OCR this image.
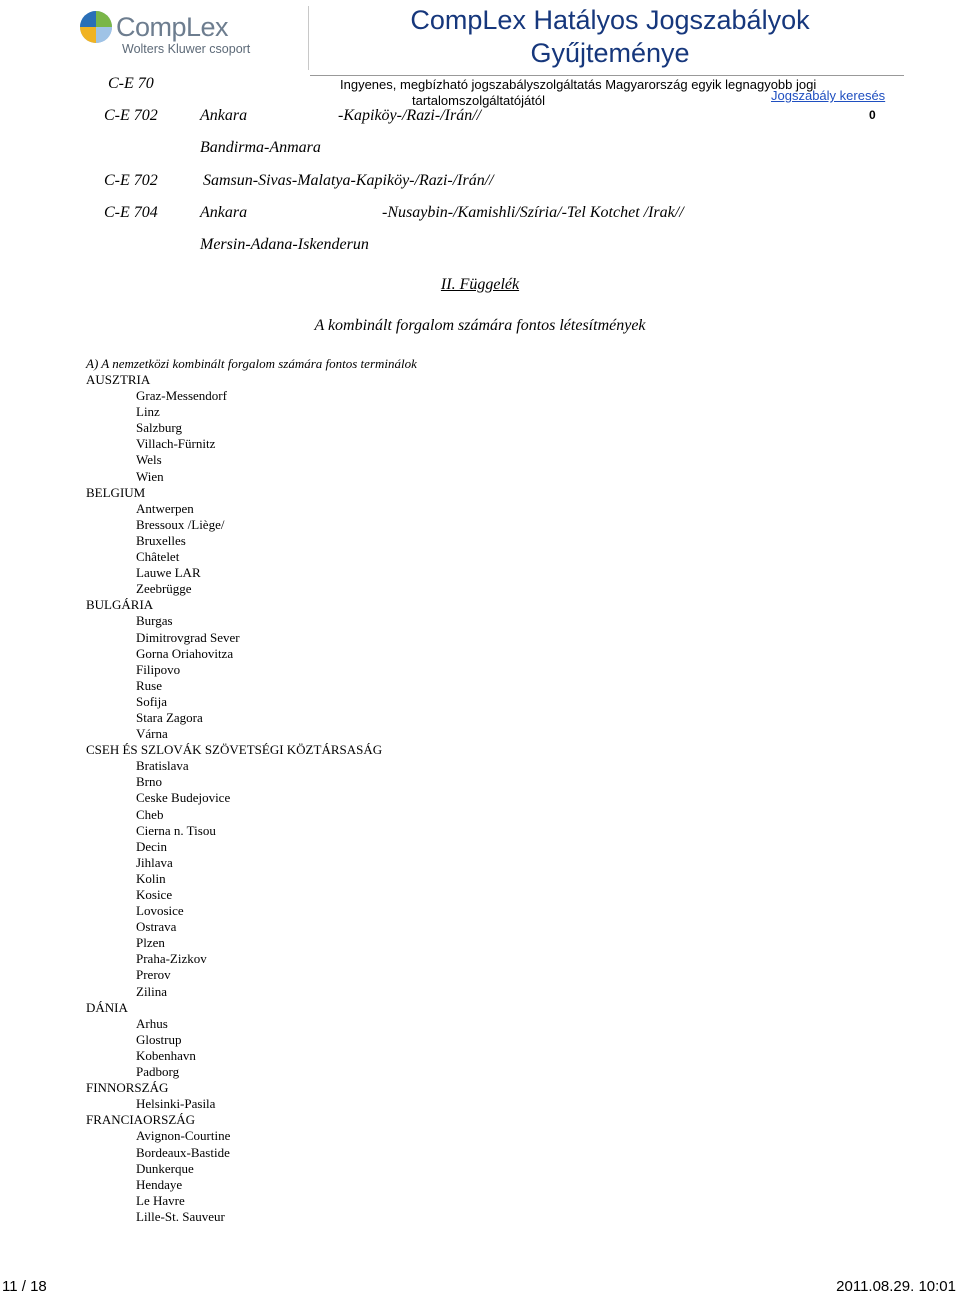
CompLex
Wolters Kluwer csoport
CompLex Hatályos Jogszabályok Gyűjteménye
Ingyenes, megbízható jogszabályszolgáltatás Magyarország egyik legnagyobb jogi
tartalomszolgáltatójától	Jogszabály keresés
0
C-E 70
C-E 702	Ankara	-Kapiköy-/Razi-/Irán//
Bandirma-Anmara
C-E 702	Samsun-Sivas-Malatya-Kapiköy-/Razi-/Irán//
C-E 704	Ankara	-Nusaybin-/Kamishli/Szíria/-Tel Kotchet /Irak//
Mersin-Adana-Iskenderun
II. Függelék
A kombinált forgalom számára fontos létesítmények
A) A nemzetközi kombinált forgalom számára fontos terminálok
AUSZTRIA
Graz-Messendorf
Linz
Salzburg
Villach-Fürnitz
Wels
Wien
BELGIUM
Antwerpen
Bressoux /Liège/
Bruxelles
Châtelet
Lauwe LAR
Zeebrügge
BULGÁRIA
Burgas
Dimitrovgrad Sever
Gorna Oriahovitza
Filipovo
Ruse
Sofija
Stara Zagora
Várna
CSEH ÉS SZLOVÁK SZÖVETSÉGI KÖZTÁRSASÁG
Bratislava
Brno
Ceske Budejovice
Cheb
Cierna n. Tisou
Decin
Jihlava
Kolin
Kosice
Lovosice
Ostrava
Plzen
Praha-Zizkov
Prerov
Zilina
DÁNIA
Arhus
Glostrup
Kobenhavn
Padborg
FINNORSZÁG
Helsinki-Pasila
FRANCIAORSZÁG
Avignon-Courtine
Bordeaux-Bastide
Dunkerque
Hendaye
Le Havre
Lille-St. Sauveur
11 / 18	2011.08.29. 10:01
